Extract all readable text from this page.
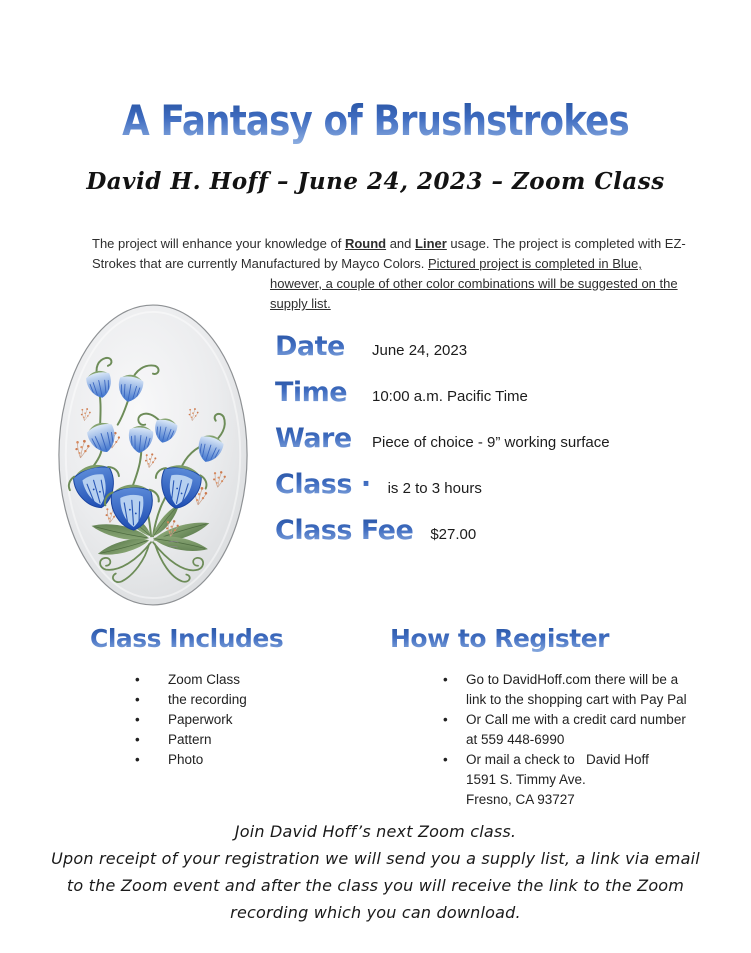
A Fantasy of Brushstrokes
David H. Hoff – June 24, 2023 – Zoom Class
The project will enhance your knowledge of Round and Liner usage. The project is completed with EZ-
Strokes that are currently Manufactured by Mayco Colors. Pictured project is completed in Blue,
however, a couple of other color combinations will be suggested on the
supply list.
Date	June 24, 2023
Time	10:00 a.m. Pacific Time
Ware Piece of choice - 9” working surface
Class · is 2 to 3 hours
Class Fee $27.00
Class Includes
• Zoom Class
• the recording
• Paperwork
• Pattern
• Photo
How to Register
• Go to DavidHoff.com there will be a
link to the shopping cart with Pay Pal
• Or Call me with a credit card number
at 559 448-6990
• Or mail a check to   David Hoff
1591 S. Timmy Ave.
Fresno, CA 93727
Join David Hoff’s next Zoom class.
Upon receipt of your registration we will send you a supply list, a link via email
to the Zoom event and after the class you will receive the link to the Zoom
recording which you can download.
